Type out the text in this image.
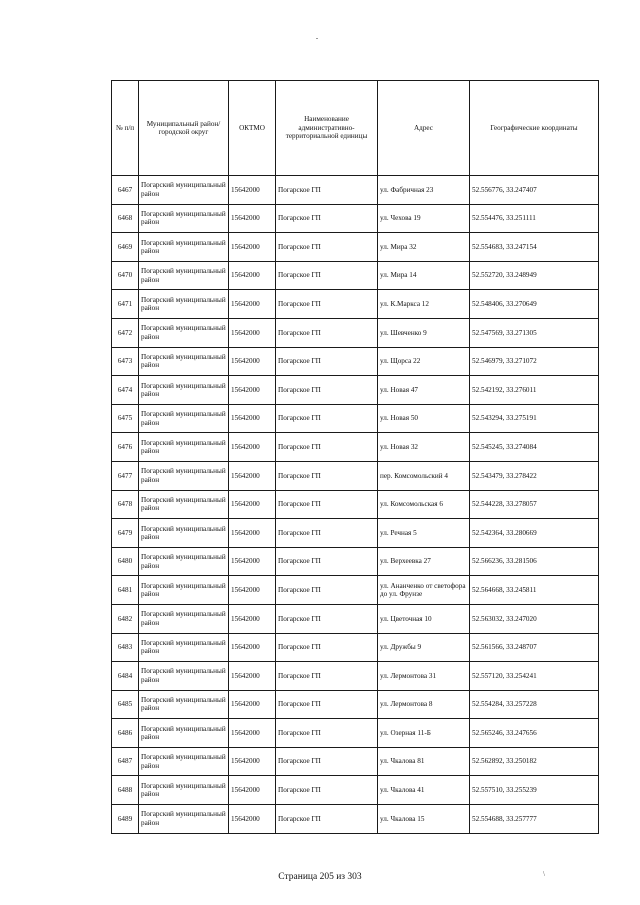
№ п/п	Муниципальный район/городской округ	ОКТМО	Наименование административно-территориальной единицы	Адрес	Географические координаты
6467	Погарский муниципальный район	15642000	Погарское ГП	ул. Фабричная 23	52.556776, 33.247407
6468	Погарский муниципальный район	15642000	Погарское ГП	ул. Чехова 19	52.554476, 33.251111
6469	Погарский муниципальный район	15642000	Погарское ГП	ул. Мира 32	52.554683, 33.247154
6470	Погарский муниципальный район	15642000	Погарское ГП	ул. Мира 14	52.552720, 33.248949
6471	Погарский муниципальный район	15642000	Погарское ГП	ул. К.Маркса 12	52.548406, 33.270649
6472	Погарский муниципальный район	15642000	Погарское ГП	ул. Шевченко 9	52.547569, 33.271305
6473	Погарский муниципальный район	15642000	Погарское ГП	ул. Щорса 22	52.546979, 33.271072
6474	Погарский муниципальный район	15642000	Погарское ГП	ул. Новая 47	52.542192, 33.276011
6475	Погарский муниципальный район	15642000	Погарское ГП	ул. Новая 50	52.543294, 33.275191
6476	Погарский муниципальный район	15642000	Погарское ГП	ул. Новая 32	52.545245, 33.274084
6477	Погарский муниципальный район	15642000	Погарское ГП	пер. Комсомольский 4	52.543479, 33.278422
6478	Погарский муниципальный район	15642000	Погарское ГП	ул. Комсомольская 6	52.544228, 33.278057
6479	Погарский муниципальный район	15642000	Погарское ГП	ул. Речная 5	52.542364, 33.280669
6480	Погарский муниципальный район	15642000	Погарское ГП	ул. Верхеевка 27	52.566236, 33.281506
6481	Погарский муниципальный район	15642000	Погарское ГП	ул. Ананченко от светофора до ул. Фрунзе	52.564668, 33.245811
6482	Погарский муниципальный район	15642000	Погарское ГП	ул. Цветочная 10	52.563032, 33.247020
6483	Погарский муниципальный район	15642000	Погарское ГП	ул. Дружбы 9	52.561566, 33.248707
6484	Погарский муниципальный район	15642000	Погарское ГП	ул. Лермонтова 31	52.557120, 33.254241
6485	Погарский муниципальный район	15642000	Погарское ГП	ул. Лермонтова 8	52.554284, 33.257228
6486	Погарский муниципальный район	15642000	Погарское ГП	ул. Озерная 11-Б	52.565246, 33.247656
6487	Погарский муниципальный район	15642000	Погарское ГП	ул. Чкалова 81	52.562892, 33.250182
6488	Погарский муниципальный район	15642000	Погарское ГП	ул. Чкалова 41	52.557510, 33.255239
6489	Погарский муниципальный район	15642000	Погарское ГП	ул. Чкалова 15	52.554688, 33.257777
Страница 205 из 303	\
